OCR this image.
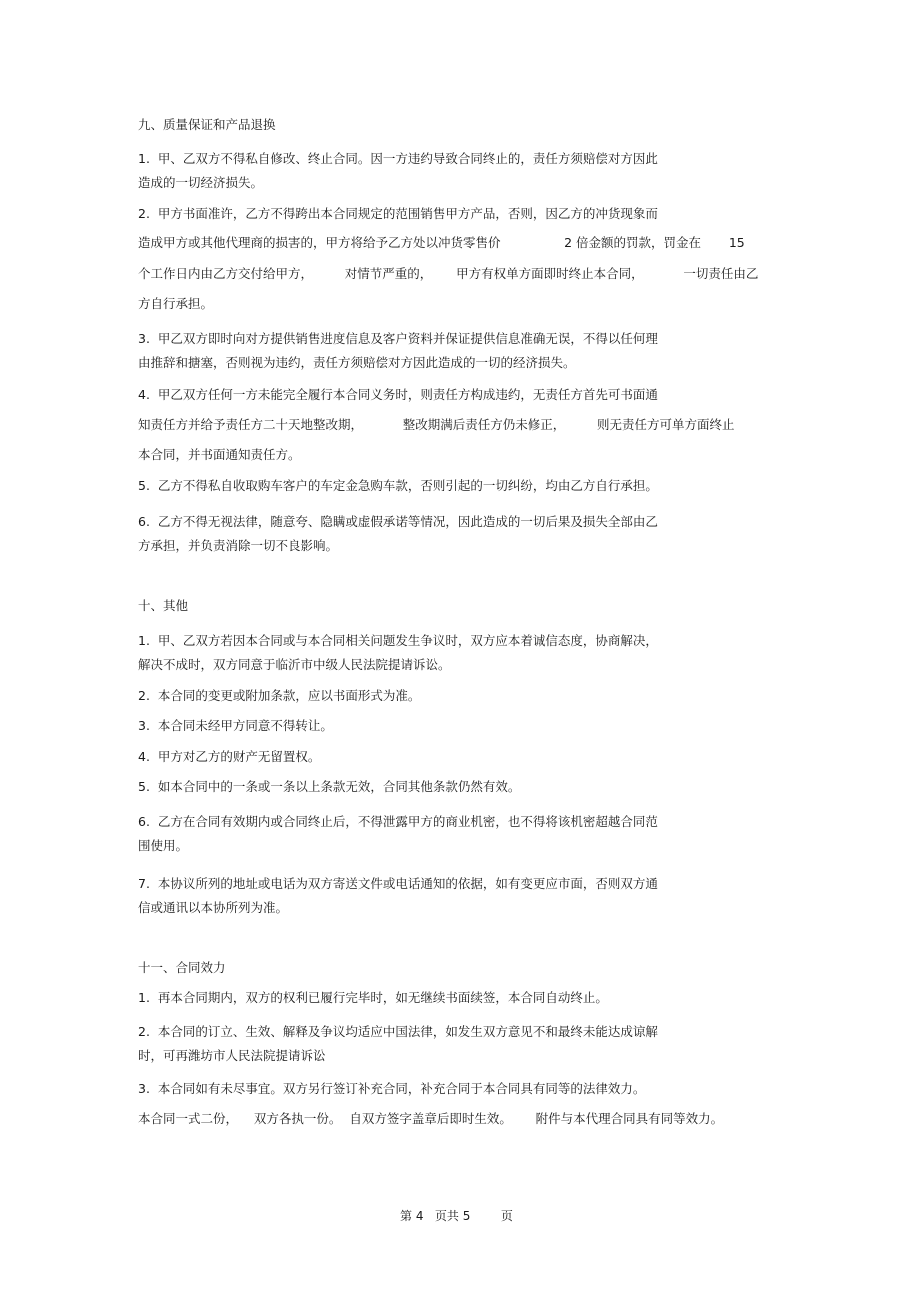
九、质量保证和产品退换

1.  甲、乙双方不得私自修改、终止合同。因一方违约导致合同终止的，责任方须赔偿对方因此

造成的一切经济损失。

2.  甲方书面准许，乙方不得跨出本合同规定的范围销售甲方产品，否则，因乙方的冲货现象而

造成甲方或其他代理商的损害的，甲方将给予乙方处以冲货零售价                2 倍金额的罚款，罚金在       15

个工作日内由乙方交付给甲方，        对情节严重的，      甲方有权单方面即时终止本合同，          一切责任由乙

方自行承担。

3.  甲乙双方即时向对方提供销售进度信息及客户资料并保证提供信息准确无误，不得以任何理

由推辞和搪塞，否则视为违约，责任方须赔偿对方因此造成的一切的经济损失。

4.  甲乙双方任何一方未能完全履行本合同义务时，则责任方构成违约，无责任方首先可书面通

知责任方并给予责任方二十天地整改期，          整改期满后责任方仍未修正，        则无责任方可单方面终止

本合同，并书面通知责任方。

5.  乙方不得私自收取购车客户的车定金急购车款，否则引起的一切纠纷，均由乙方自行承担。

6.  乙方不得无视法律，随意夸、隐瞒或虚假承诺等情况，因此造成的一切后果及损失全部由乙

方承担，并负责消除一切不良影响。

十、其他

1.  甲、乙双方若因本合同或与本合同相关问题发生争议时，双方应本着诚信态度，协商解决，

解决不成时，双方同意于临沂市中级人民法院提请诉讼。

2.  本合同的变更或附加条款，应以书面形式为准。

3.  本合同未经甲方同意不得转让。

4.  甲方对乙方的财产无留置权。

5.  如本合同中的一条或一条以上条款无效，合同其他条款仍然有效。

6.  乙方在合同有效期内或合同终止后，不得泄露甲方的商业机密，也不得将该机密超越合同范

围使用。

7.  本协议所列的地址或电话为双方寄送文件或电话通知的依据，如有变更应市面，否则双方通

信或通讯以本协所列为准。

十一、合同效力

1.  再本合同期内，双方的权利已履行完毕时，如无继续书面续签，本合同自动终止。

2.  本合同的订立、生效、解释及争议均适应中国法律，如发生双方意见不和最终未能达成谅解

时，可再潍坊市人民法院提请诉讼

3.  本合同如有未尽事宜。双方另行签订补充合同，补充合同于本合同具有同等的法律效力。

本合同一式二份，    双方各执一份。  自双方签字盖章后即时生效。      附件与本代理合同具有同等效力。

第 4   页共 5        页
